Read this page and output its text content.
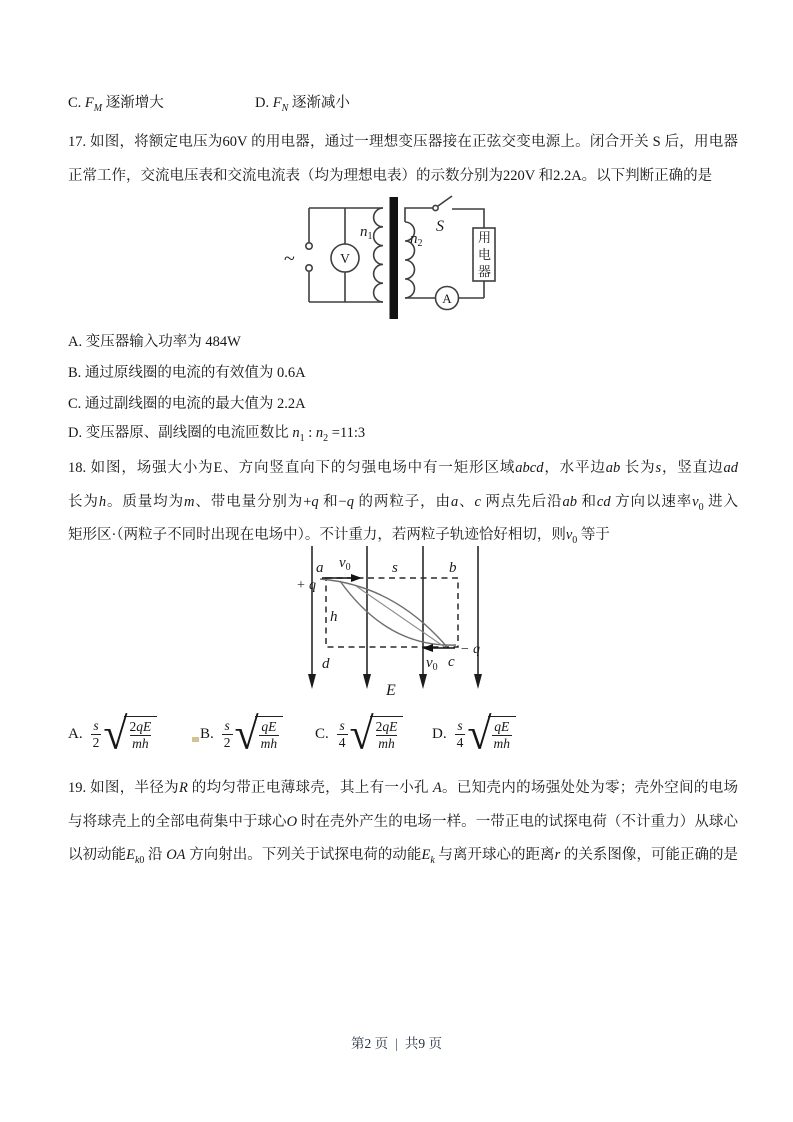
C. $F_M$ 逐渐增大	D. $F_N$ 逐渐减小
17. 如图，将额定电压为60V 的用电器，通过一理想变压器接在正弦交变电源上。闭合开关 S 后，用电器
正常工作，交流电压表和交流电流表（均为理想电表）的示数分别为220V 和2.2A。以下判断正确的是
~
$n_1$	$n_2$
S
V
A
用
电
器
A. 变压器输入功率为 484W
B. 通过原线圈的电流的有效值为 0.6A
C. 通过副线圈的电流的最大值为 2.2A
D. 变压器原、副线圈的电流匝数比 $n_1$ : $n_2$ =11:3
18. 如图，场强大小为E、方向竖直向下的匀强电场中有一矩形区域abcd，水平边ab 长为s，竖直边ad
长为h。质量均为m、带电量分别为+q 和−q 的两粒子，由a、c 两点先后沿ab 和cd 方向以速率$v_0$ 进入
矩形区·（两粒子不同时出现在电场中）。不计重力，若两粒子轨迹恰好相切，则$v_0$ 等于
a	b
s
h
d	c
E
+ q
− q
$v_0$
$v_0$
A. $\frac{s}{2}$ √ $\frac{2qE}{mh}$	B. $\frac{s}{2}$ √ $\frac{qE}{mh} C$. $\frac{s}{4}$ √ $\frac{2qE}{mh} D$. $\frac{s}{4}$ √ $\frac{qE}{mh}$
19. 如图，半径为R 的均匀带正电薄球壳，其上有一小孔 A。已知壳内的场强处处为零；壳外空间的电场
与将球壳上的全部电荷集中于球心O 时在壳外产生的电场一样。一带正电的试探电荷（不计重力）从球心
以初动能$E_{k0}$ 沿 OA 方向射出。下列关于试探电荷的动能$E_k$ 与离开球心的距离r 的关系图像，可能正确的是
第2 页 | 共9 页
